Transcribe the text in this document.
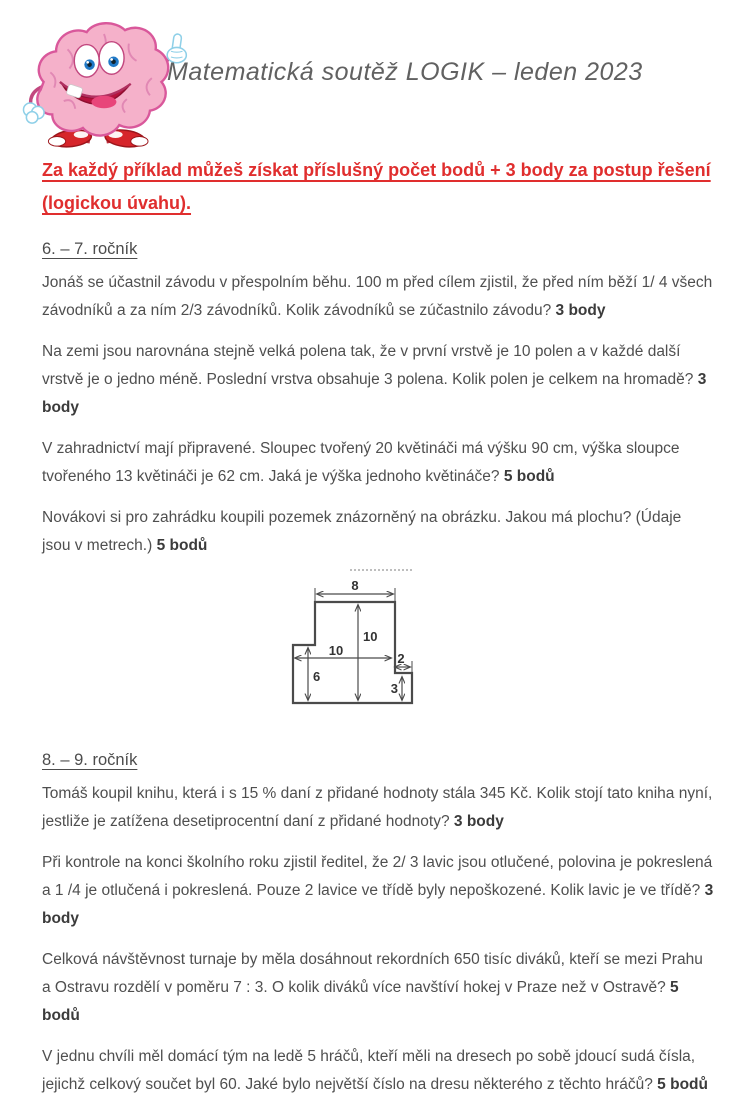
Matematická soutěž LOGIK – leden 2023

Za každý příklad můžeš získat příslušný počet bodů + 3 body za postup řešení (logickou úvahu).

6. – 7. ročník

Jonáš se účastnil závodu v přespolním běhu. 100 m před cílem zjistil, že před ním běží 1/ 4 všech závodníků a za ním 2/3 závodníků. Kolik závodníků se zúčastnilo závodu? 3 body

Na zemi jsou narovnána stejně velká polena tak, že v první vrstvě je 10 polen a v každé další vrstvě je o jedno méně. Poslední vrstva obsahuje 3 polena. Kolik polen je celkem na hromadě? 3 body

V zahradnictví mají připravené. Sloupec tvořený 20 květináči má výšku 90 cm, výška sloupce tvořeného 13 květináči je 62 cm. Jaká je výška jednoho květináče? 5 bodů

Novákovi si pro zahrádku koupili pozemek znázorněný na obrázku. Jakou má plochu? (Údaje jsou v metrech.) 5 bodů

8
10
10
2
6
3
8. – 9. ročník

Tomáš koupil knihu, která i s 15 % daní z přidané hodnoty stála 345 Kč. Kolik stojí tato kniha nyní, jestliže je zatížena desetiprocentní daní z přidané hodnoty? 3 body

Při kontrole na konci školního roku zjistil ředitel, že 2/ 3 lavic jsou otlučené, polovina je pokreslená a 1 /4 je otlučená i pokreslená. Pouze 2 lavice ve třídě byly nepoškozené. Kolik lavic je ve třídě? 3 body

Celková návštěvnost turnaje by měla dosáhnout rekordních 650 tisíc diváků, kteří se mezi Prahu a Ostravu rozdělí v poměru 7 : 3. O kolik diváků více navštíví hokej v Praze než v Ostravě? 5 bodů

V jednu chvíli měl domácí tým na ledě 5 hráčů, kteří měli na dresech po sobě jdoucí sudá čísla, jejichž celkový součet byl 60. Jaké bylo největší číslo na dresu některého z těchto hráčů? 5 bodů
